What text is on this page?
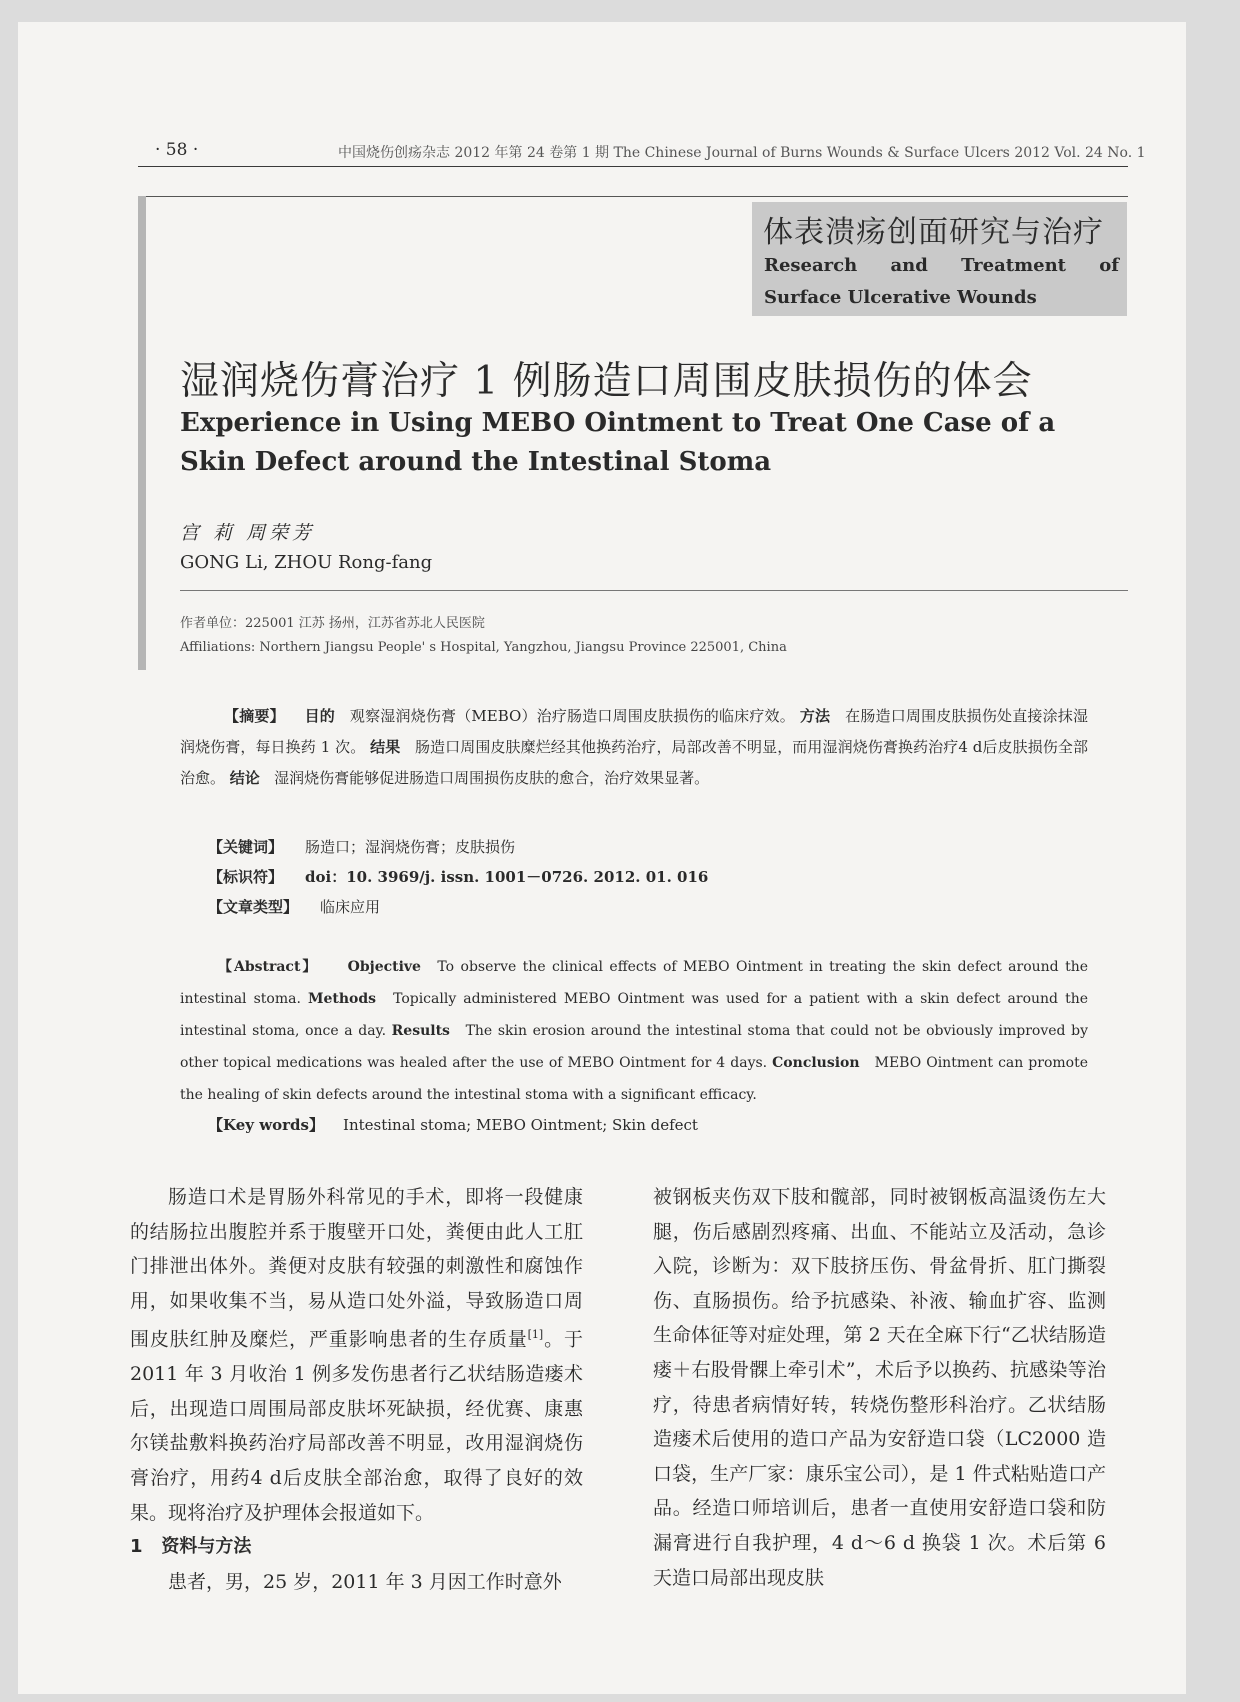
· 58 ·	中国烧伤创疡杂志 2012 年第 24 卷第 1 期 The Chinese Journal of Burns Wounds & Surface Ulcers 2012 Vol. 24 No. 1
体表溃疡创面研究与治疗
Research and Treatment of Surface Ulcerative Wounds
湿润烧伤膏治疗 1 例肠造口周围皮肤损伤的体会
Experience in Using MEBO Ointment to Treat One Case of a Skin Defect around the Intestinal Stoma
宫 莉 周荣芳
GONG Li, ZHOU Rong-fang
作者单位：225001 江苏 扬州，江苏省苏北人民医院
Affiliations: Northern Jiangsu People' s Hospital, Yangzhou, Jiangsu Province 225001, China
【摘要】 目的 观察湿润烧伤膏（MEBO）治疗肠造口周围皮肤损伤的临床疗效。 方法 在肠造口周围皮肤损伤处直接涂抹湿润烧伤膏，每日换药 1 次。 结果 肠造口周围皮肤糜烂经其他换药治疗，局部改善不明显，而用湿润烧伤膏换药治疗4 d后皮肤损伤全部治愈。 结论 湿润烧伤膏能够促进肠造口周围损伤皮肤的愈合，治疗效果显著。
【关键词】 肠造口；湿润烧伤膏；皮肤损伤
【标识符】 doi：10. 3969/j. issn. 1001－0726. 2012. 01. 016
【文章类型】 临床应用
【Abstract】 Objective To observe the clinical effects of MEBO Ointment in treating the skin defect around the intestinal stoma. Methods Topically administered MEBO Ointment was used for a patient with a skin defect around the intestinal stoma, once a day. Results The skin erosion around the intestinal stoma that could not be obviously improved by other topical medications was healed after the use of MEBO Ointment for 4 days. Conclusion MEBO Ointment can promote the healing of skin defects around the intestinal stoma with a significant efficacy.
【Key words】 Intestinal stoma; MEBO Ointment; Skin defect

肠造口术是胃肠外科常见的手术，即将一段健康的结肠拉出腹腔并系于腹壁开口处，粪便由此人工肛门排泄出体外。粪便对皮肤有较强的刺激性和腐蚀作用，如果收集不当，易从造口处外溢，导致肠造口周围皮肤红肿及糜烂，严重影响患者的生存质量[1]。于 2011 年 3 月收治 1 例多发伤患者行乙状结肠造瘘术后，出现造口周围局部皮肤坏死缺损，经优赛、康惠尔镁盐敷料换药治疗局部改善不明显，改用湿润烧伤膏治疗，用药4 d后皮肤全部治愈，取得了良好的效果。现将治疗及护理体会报道如下。

1 资料与方法

患者，男，25 岁，2011 年 3 月因工作时意外

被钢板夹伤双下肢和髋部，同时被钢板高温烫伤左大腿，伤后感剧烈疼痛、出血、不能站立及活动，急诊入院，诊断为：双下肢挤压伤、骨盆骨折、肛门撕裂伤、直肠损伤。给予抗感染、补液、输血扩容、监测生命体征等对症处理，第 2 天在全麻下行“乙状结肠造瘘＋右股骨髁上牵引术”，术后予以换药、抗感染等治疗，待患者病情好转，转烧伤整形科治疗。乙状结肠造瘘术后使用的造口产品为安舒造口袋（LC2000 造口袋，生产厂家：康乐宝公司），是 1 件式粘贴造口产品。经造口师培训后，患者一直使用安舒造口袋和防漏膏进行自我护理，4 d～6 d 换袋 1 次。术后第 6 天造口局部出现皮肤
